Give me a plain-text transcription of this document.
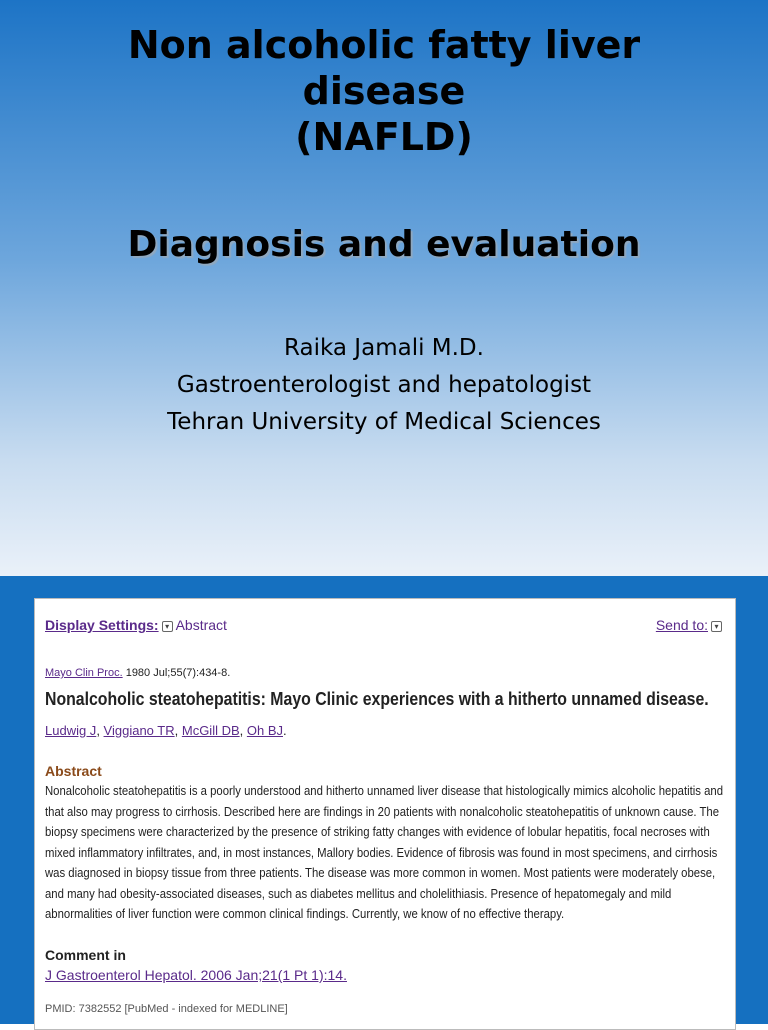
Non alcoholic fatty liver
disease
(NAFLD)
Diagnosis and evaluation
Raika Jamali M.D.
Gastroenterologist and hepatologist
Tehran University of Medical Sciences
Display Settings: ▾ Abstract	Send to: ▾
Mayo Clin Proc. 1980 Jul;55(7):434-8.
Nonalcoholic steatohepatitis: Mayo Clinic experiences with a hitherto unnamed disease.
Ludwig J, Viggiano TR, McGill DB, Oh BJ.
Abstract
Nonalcoholic steatohepatitis is a poorly understood and hitherto unnamed liver disease that histologically mimics alcoholic hepatitis and that also may progress to cirrhosis. Described here are findings in 20 patients with nonalcoholic steatohepatitis of unknown cause. The biopsy specimens were characterized by the presence of striking fatty changes with evidence of lobular hepatitis, focal necroses with mixed inflammatory infiltrates, and, in most instances, Mallory bodies. Evidence of fibrosis was found in most specimens, and cirrhosis was diagnosed in biopsy tissue from three patients. The disease was more common in women. Most patients were moderately obese, and many had obesity-associated diseases, such as diabetes mellitus and cholelithiasis. Presence of hepatomegaly and mild abnormalities of liver function were common clinical findings. Currently, we know of no effective therapy.
Comment in
J Gastroenterol Hepatol. 2006 Jan;21(1 Pt 1):14.
PMID: 7382552 [PubMed - indexed for MEDLINE]
